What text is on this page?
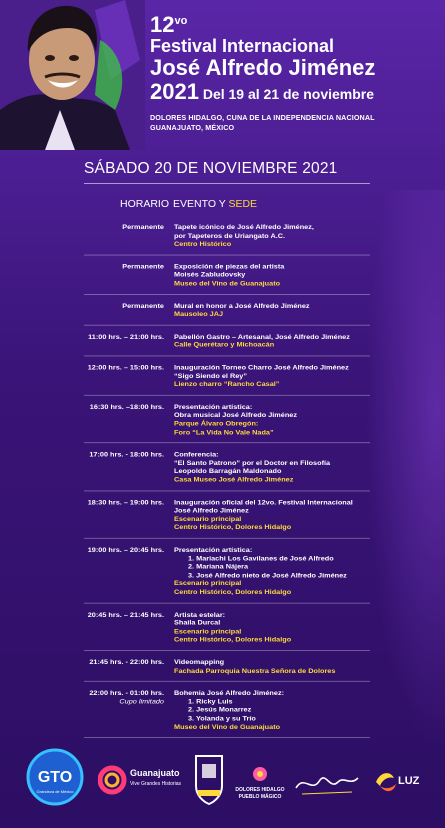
$12^{vo}$
Festival Internacional
José Alfredo Jiménez
2021 Del 19 al 21 de noviembre
DOLORES HIDALGO, CUNA DE LA INDEPENDENCIA NACIONAL
GUANAJUATO, MÉXICO
SÁBADO 20 DE NOVIEMBRE 2021
HORARIO EVENTO Y SEDE
Permanente Tapete icónico de José Alfredo Jiménez,
por Tapeteros de Uriangato A.C.
Centro Histórico
Permanente Exposición de piezas del artista
Moisés Zabludovsky
Museo del Vino de Guanajuato
Permanente Mural en honor a José Alfredo Jiménez
Mausoleo JAJ
11:00 hrs. – 21:00 hrs. Pabellón Gastro – Artesanal, José Alfredo Jiménez
Calle Querétaro y Michoacán
12:00 hrs. – 15:00 hrs. Inauguración Torneo Charro José Alfredo Jiménez
“Sigo Siendo el Rey”
Lienzo charro “Rancho Casal”
16:30 hrs. –18:00 hrs. Presentación artística:
Obra musical José Alfredo Jiménez
Parque Álvaro Obregón:
Foro “La Vida No Vale Nada”
17:00 hrs. - 18:00 hrs. Conferencia:
“El Santo Patrono” por el Doctor en Filosofía
Leopoldo Barragán Maldonado
Casa Museo José Alfredo Jiménez
18:30 hrs. – 19:00 hrs. Inauguración oficial del 12vo. Festival Internacional
José Alfredo Jiménez
Escenario principal
Centro Histórico, Dolores Hidalgo
19:00 hrs. – 20:45 hrs. Presentación artística:
1. Mariachi Los Gavilanes de José Alfredo
2. Mariana Nájera
3. José Alfredo nieto de José Alfredo Jiménez
Escenario principal
Centro Histórico, Dolores Hidalgo
20:45 hrs. – 21:45 hrs. Artista estelar:
Shaila Durcal
Escenario principal
Centro Histórico, Dolores Hidalgo
21:45 hrs. - 22:00 hrs. Videomapping
Fachada Parroquia Nuestra Señora de Dolores
22:00 hrs. - 01:00 hrs.
Cupo limitado
Bohemia José Alfredo Jiménez:
1. Ricky Luis
2. Jesús Monarrez
3. Yolanda y su Trío
Museo del Vino de Guanajuato
GTO
Grandeza de México
Guanajuato
Vive Grandes Historias
DOLORES HIDALGO
PUEBLO MÁGICO
LUZ
